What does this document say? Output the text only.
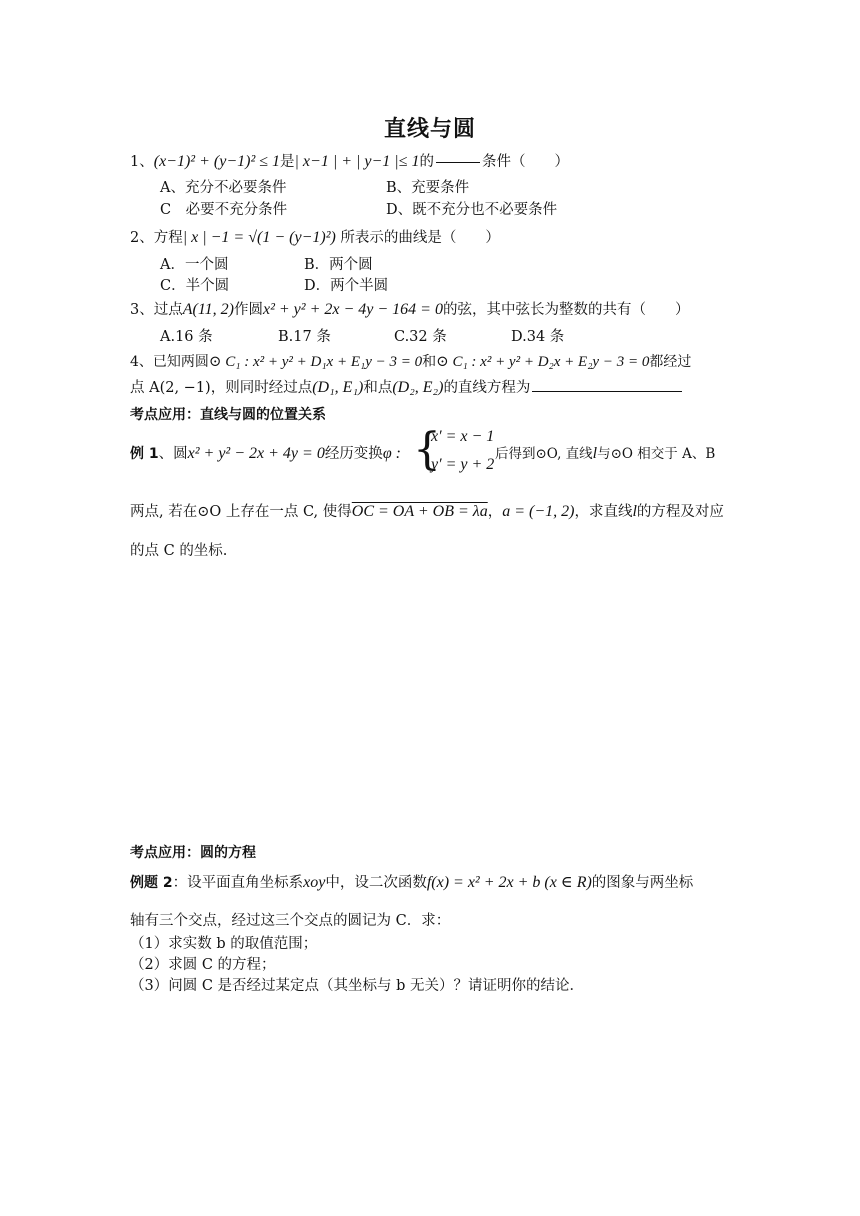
直线与圆
1、(x−1)² + (y−1)² ≤ 1是| x−1 | + | y−1 |≤ 1的	条件（　　）
A、充分不必要条件	B、充要条件
C　必要不充分条件	D、既不充分也不必要条件
2、方程| x | −1 = √(1 − (y−1)²) 所表示的曲线是（　　）
A．一个圆	B．两个圆
C．半个圆	D．两个半圆
3、过点A(11, 2)作圆x² + y² + 2x − 4y − 164 = 0的弦，其中弦长为整数的共有（　　）
A.16 条	B.17 条	C.32 条	D.34 条
4、已知两圆⊙ C₁ : x² + y² + D₁x + E₁y − 3 = 0和⊙ C₁ : x² + y² + D₂x + E₂y − 3 = 0都经过
点 A(2, −1)，则同时经过点(D₁, E₁)和点(D₂, E₂)的直线方程为
考点应用：直线与圆的位置关系
例 1、圆x² + y² − 2x + 4y = 0经历变换φ : {
x′ = x − 1
y′ = y + 2
后得到⊙O, 直线l与⊙O 相交于 A、B
两点, 若在⊙O 上存在一点 C, 使得OC = OA + OB = λa，a = (−1, 2)，求直线l的方程及对应
的点 C 的坐标.
考点应用：圆的方程
例题 2：设平面直角坐标系xoy中，设二次函数f(x) = x² + 2x + b (x ∈ R)的图象与两坐标
轴有三个交点，经过这三个交点的圆记为 C．求：
（1）求实数 b 的取值范围；
（2）求圆 C 的方程；
（3）问圆 C 是否经过某定点（其坐标与 b 无关）？请证明你的结论．
